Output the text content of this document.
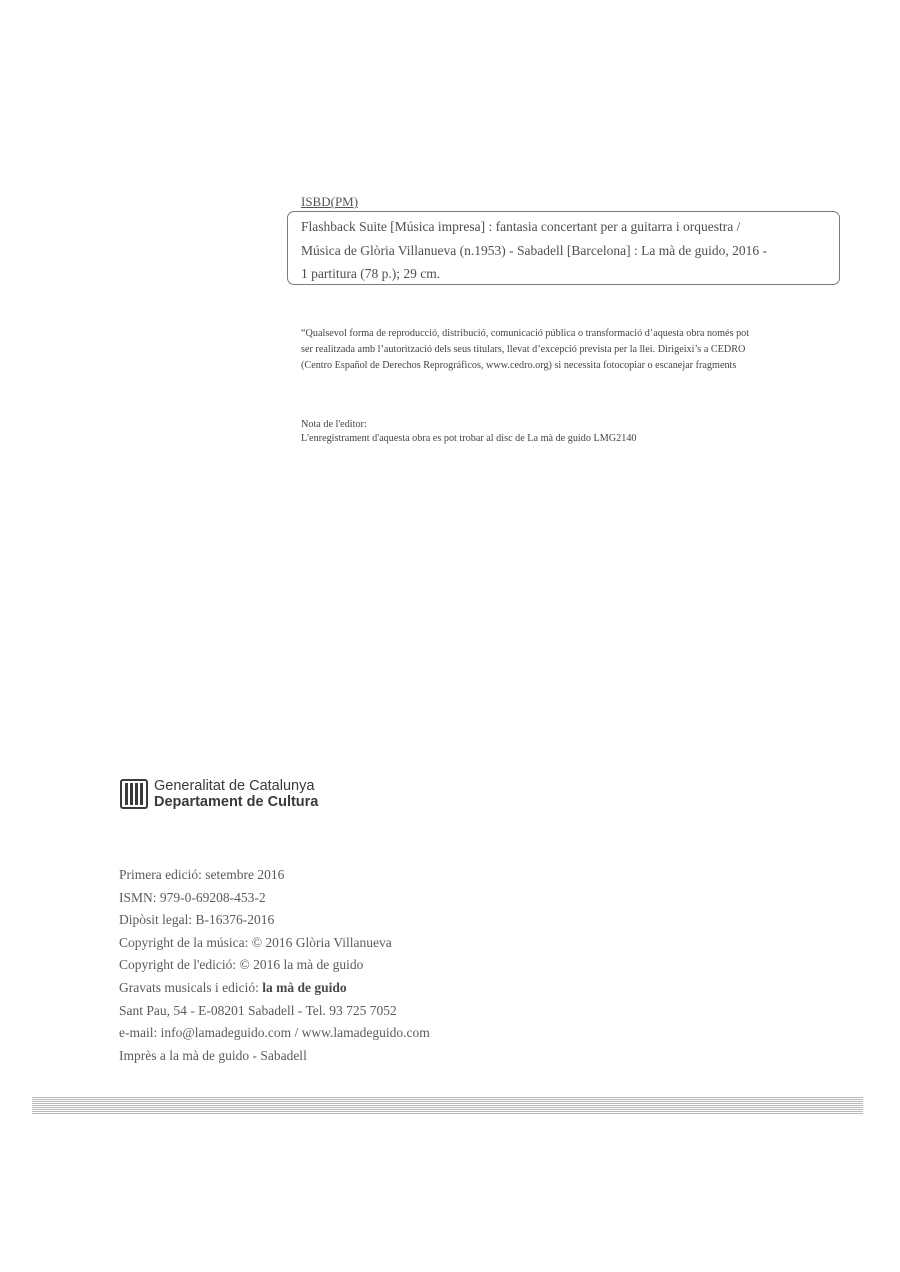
ISBD(PM)
Flashback Suite [Música impresa] : fantasia concertant per a guitarra i orquestra /
Música de Glòria Villanueva (n.1953) - Sabadell [Barcelona] : La mà de guido, 2016 -
1 partitura (78 p.); 29 cm.
“Qualsevol forma de reproducció, distribució, comunicació pública o transformació d’aquesta obra només pot
ser realitzada amb l’autorització dels seus titulars, llevat d’excepció prevista per la llei. Dirigeixi’s a CEDRO
(Centro Español de Derechos Reprográficos, www.cedro.org) si necessita fotocopiar o escanejar fragments
Nota de l'editor:
L'enregistrament d'aquesta obra es pot trobar al disc de La mà de guido LMG2140
Generalitat de Catalunya
Departament de Cultura
Primera edició: setembre 2016
ISMN: 979-0-69208-453-2
Dipòsit legal: B-16376-2016
Copyright de la música: © 2016 Glòria Villanueva
Copyright de l'edició: © 2016 la mà de guido
Gravats musicals i edició: la mà de guido
Sant Pau, 54 - E-08201 Sabadell - Tel. 93 725 7052
e-mail: info@lamadeguido.com / www.lamadeguido.com
Imprès a la mà de guido - Sabadell
